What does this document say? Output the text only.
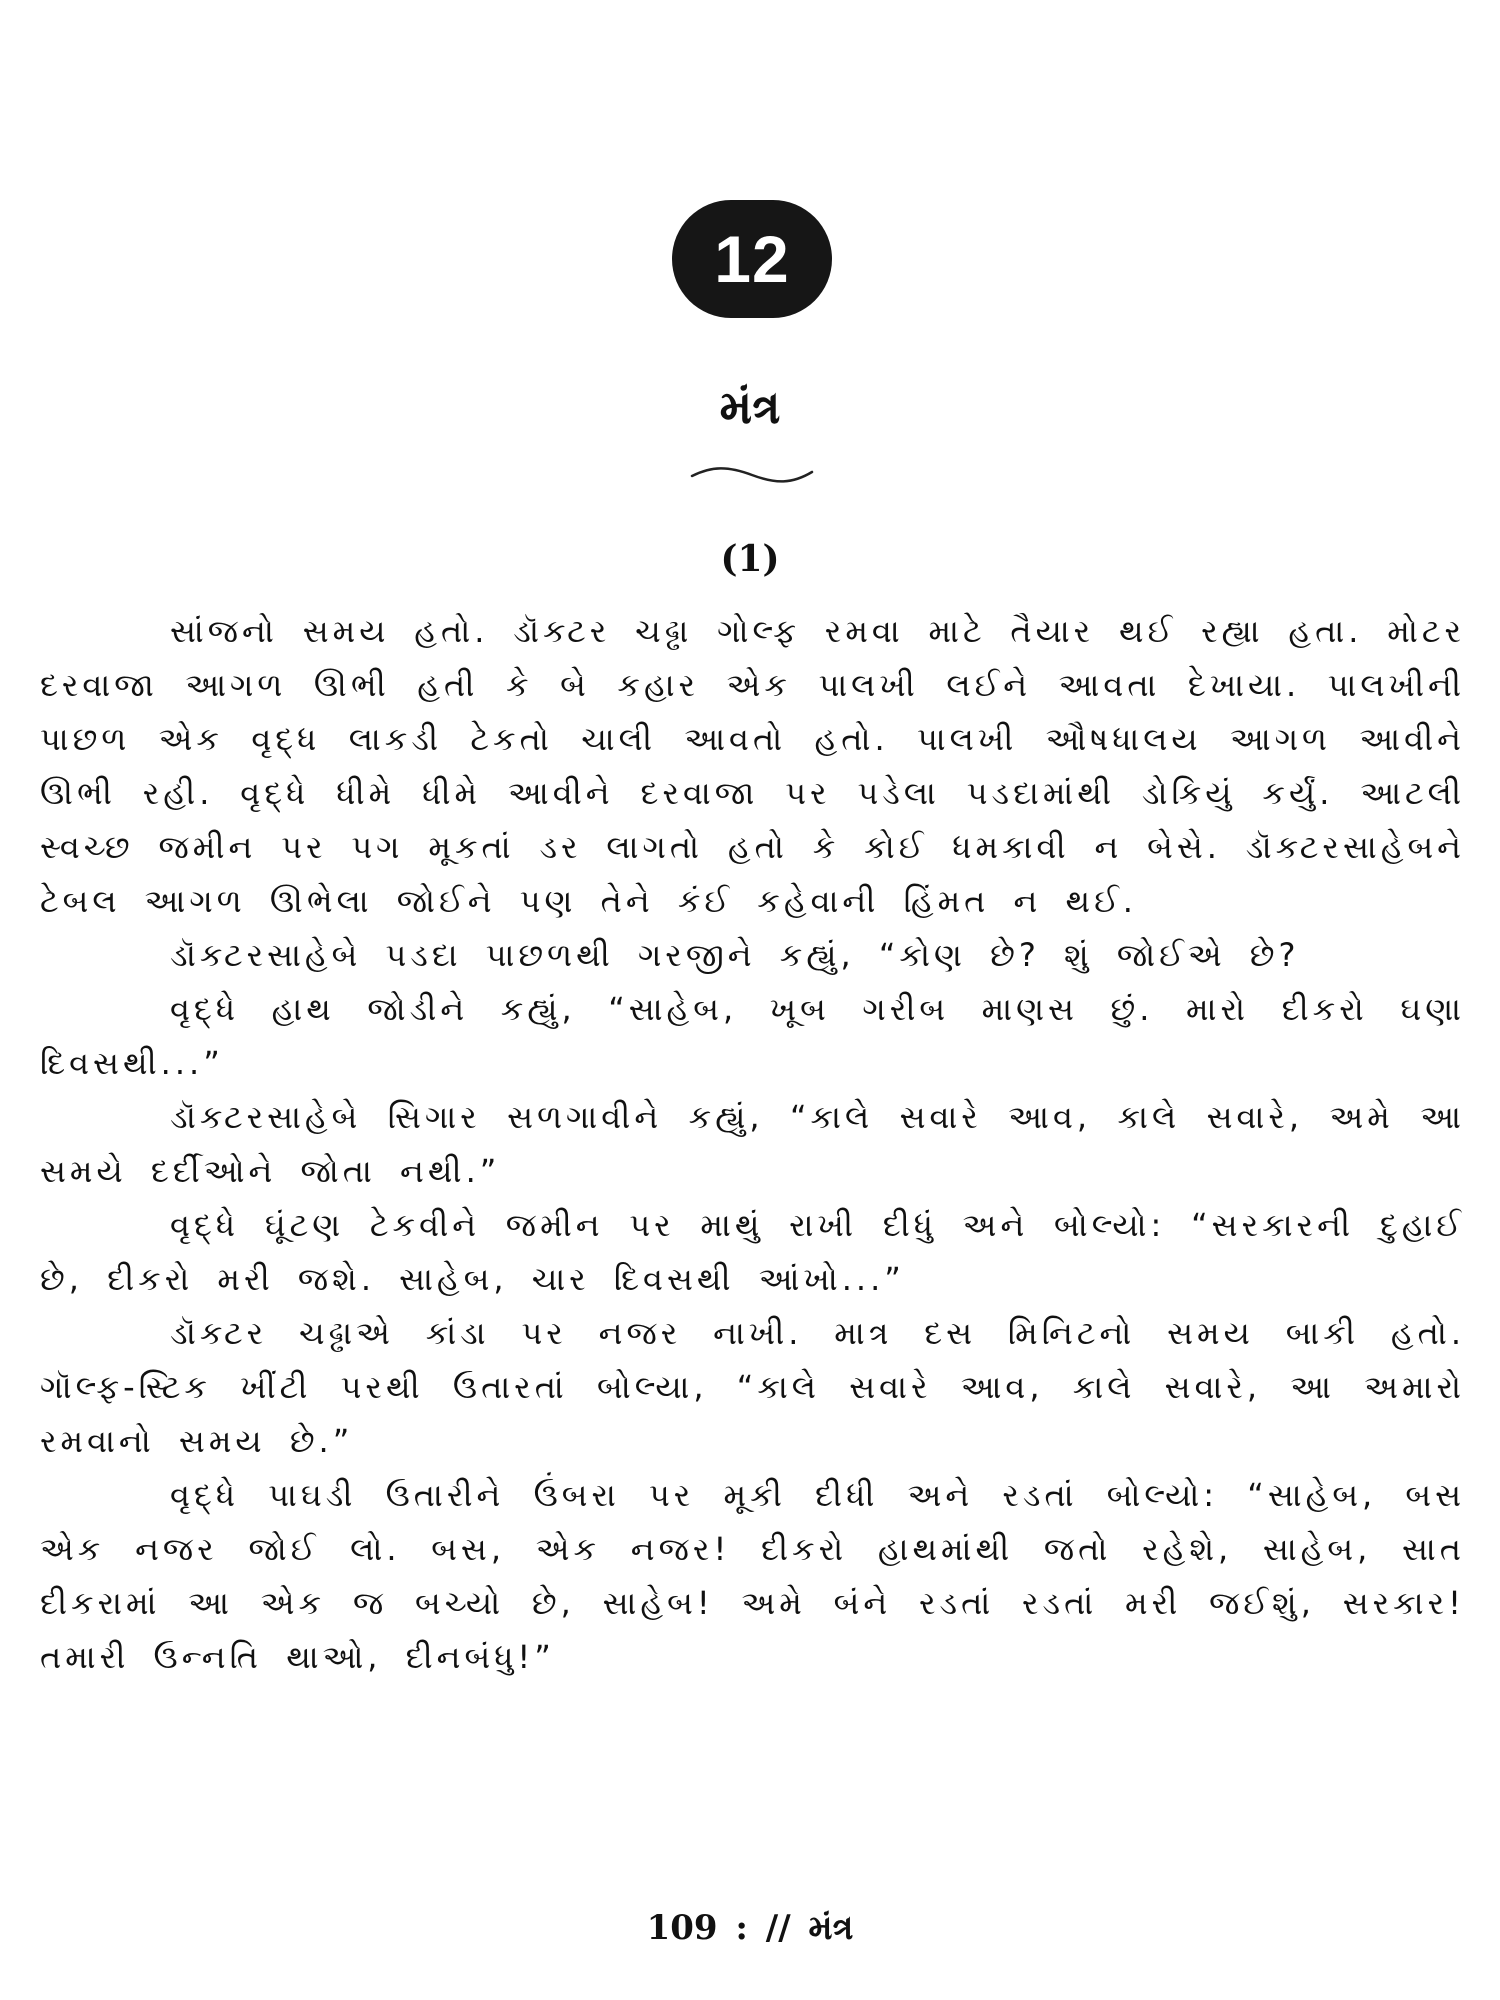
12
મંત્ર
(1)

સાંજનો સમય હતો. ડૉક્ટર ચઢ્ઢા ગોલ્ફ રમવા માટે તૈયાર થઈ રહ્યા હતા. મોટર દરવાજા આગળ ઊભી હતી કે બે કહાર એક પાલખી લઈને આવતા દેખાયા. પાલખીની પાછળ એક વૃદ્ધ લાકડી ટેકતો ચાલી આવતો હતો. પાલખી ઔષધાલય આગળ આવીને ઊભી રહી. વૃદ્ધે ધીમે ધીમે આવીને દરવાજા પર પડેલા પડદામાંથી ડોકિયું કર્યું. આટલી સ્વચ્છ જમીન પર પગ મૂકતાં ડર લાગતો હતો કે કોઈ ધમકાવી ન બેસે. ડૉક્ટરસાહેબને ટેબલ આગળ ઊભેલા જોઈને પણ તેને કંઈ કહેવાની હિંમત ન થઈ.

ડૉક્ટરસાહેબે પડદા પાછળથી ગરજીને કહ્યું, “કોણ છે? શું જોઈએ છે?

વૃદ્ધે હાથ જોડીને કહ્યું, “સાહેબ, ખૂબ ગરીબ માણસ છું. મારો દીકરો ઘણા દિવસથી...”

ડૉક્ટરસાહેબે સિગાર સળગાવીને કહ્યું, “કાલે સવારે આવ, કાલે સવારે, અમે આ સમયે દર્દીઓને જોતા નથી.”

વૃદ્ધે ઘૂંટણ ટેકવીને જમીન પર માથું રાખી દીધું અને બોલ્યો: “સરકારની દુહાઈ છે, દીકરો મરી જશે. સાહેબ, ચાર દિવસથી આંખો...”

ડૉક્ટર ચઢ્ઢાએ કાંડા પર નજર નાખી. માત્ર દસ મિનિટનો સમય બાકી હતો. ગૉલ્ફ-સ્ટિક ખીંટી પરથી ઉતારતાં બોલ્યા, “કાલે સવારે આવ, કાલે સવારે, આ અમારો રમવાનો સમય છે.”

વૃદ્ધે પાઘડી ઉતારીને ઉંબરા પર મૂકી દીધી અને રડતાં બોલ્યો: “સાહેબ, બસ એક નજર જોઈ લો. બસ, એક નજર! દીકરો હાથમાંથી જતો રહેશે, સાહેબ, સાત દીકરામાં આ એક જ બચ્યો છે, સાહેબ! અમે બંને રડતાં રડતાં મરી જઈશું, સરકાર! તમારી ઉન્નતિ થાઓ, દીનબંધુ!”

109 : // મંત્ર
